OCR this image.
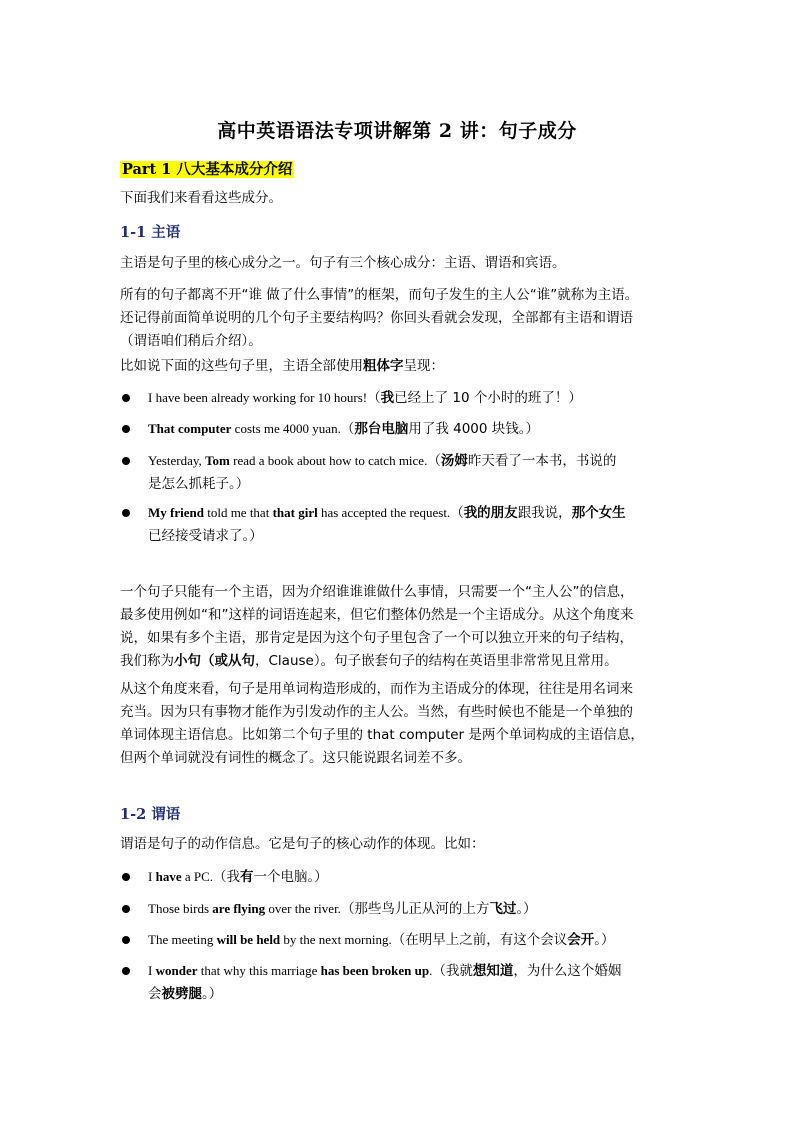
高中英语语法专项讲解第 2 讲：句子成分
Part 1 八大基本成分介绍
下面我们来看看这些成分。
1-1 主语
主语是句子里的核心成分之一。句子有三个核心成分：主语、谓语和宾语。
所有的句子都离不开“谁 做了什么事情”的框架，而句子发生的主人公“谁”就称为主语。
还记得前面简单说明的几个句子主要结构吗？你回头看就会发现，全部都有主语和谓语
（谓语咱们稍后介绍）。
比如说下面的这些句子里，主语全部使用粗体字呈现：
I have been already working for 10 hours!（我已经上了 10 个小时的班了！）
That computer costs me 4000 yuan.（那台电脑用了我 4000 块钱。）
Yesterday, Tom read a book about how to catch mice.（汤姆昨天看了一本书，书说的
是怎么抓耗子。）
My friend told me that that girl has accepted the request.（我的朋友跟我说，那个女生
已经接受请求了。）
一个句子只能有一个主语，因为介绍谁谁谁做什么事情，只需要一个“主人公”的信息，
最多使用例如“和”这样的词语连起来，但它们整体仍然是一个主语成分。从这个角度来
说，如果有多个主语，那肯定是因为这个句子里包含了一个可以独立开来的句子结构，
我们称为小句（或从句，Clause）。句子嵌套句子的结构在英语里非常常见且常用。
从这个角度来看，句子是用单词构造形成的，而作为主语成分的体现，往往是用名词来
充当。因为只有事物才能作为引发动作的主人公。当然，有些时候也不能是一个单独的
单词体现主语信息。比如第二个句子里的 that computer 是两个单词构成的主语信息，
但两个单词就没有词性的概念了。这只能说跟名词差不多。
1-2 谓语
谓语是句子的动作信息。它是句子的核心动作的体现。比如：
I have a PC.（我有一个电脑。）
Those birds are flying over the river.（那些鸟儿正从河的上方飞过。）
The meeting will be held by the next morning.（在明早上之前，有这个会议会开。）
I wonder that why this marriage has been broken up.（我就想知道，为什么这个婚姻
会被劈腿。）
